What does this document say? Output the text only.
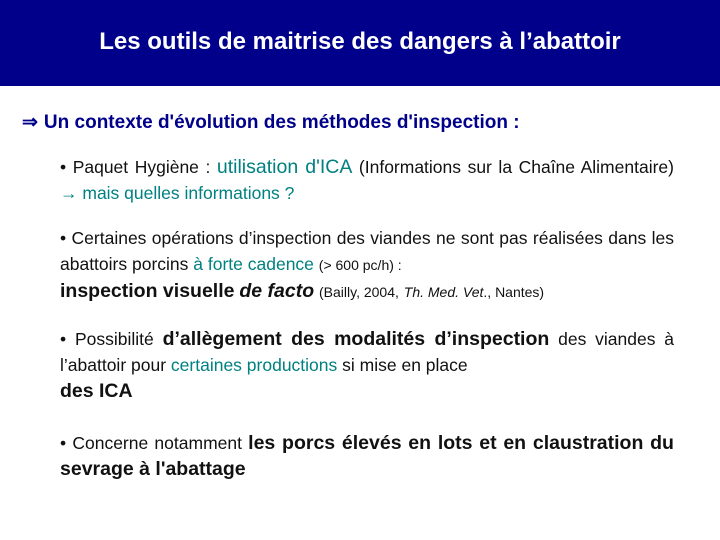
Les outils de maitrise des dangers à l’abattoir
⇒ Un contexte d'évolution des méthodes d'inspection :
• Paquet Hygiène : utilisation d'ICA (Informations sur la Chaîne Alimentaire) → mais quelles informations ?
• Certaines opérations d’inspection des viandes ne sont pas réalisées dans les abattoirs porcins à forte cadence (> 600 pc/h) :
inspection visuelle de facto (Bailly, 2004, Th. Med. Vet., Nantes)
• Possibilité d’allègement des modalités d’inspection des viandes à l’abattoir pour certaines productions si mise en place
des ICA
• Concerne notamment les porcs élevés en lots et en claustration du sevrage à l'abattage
